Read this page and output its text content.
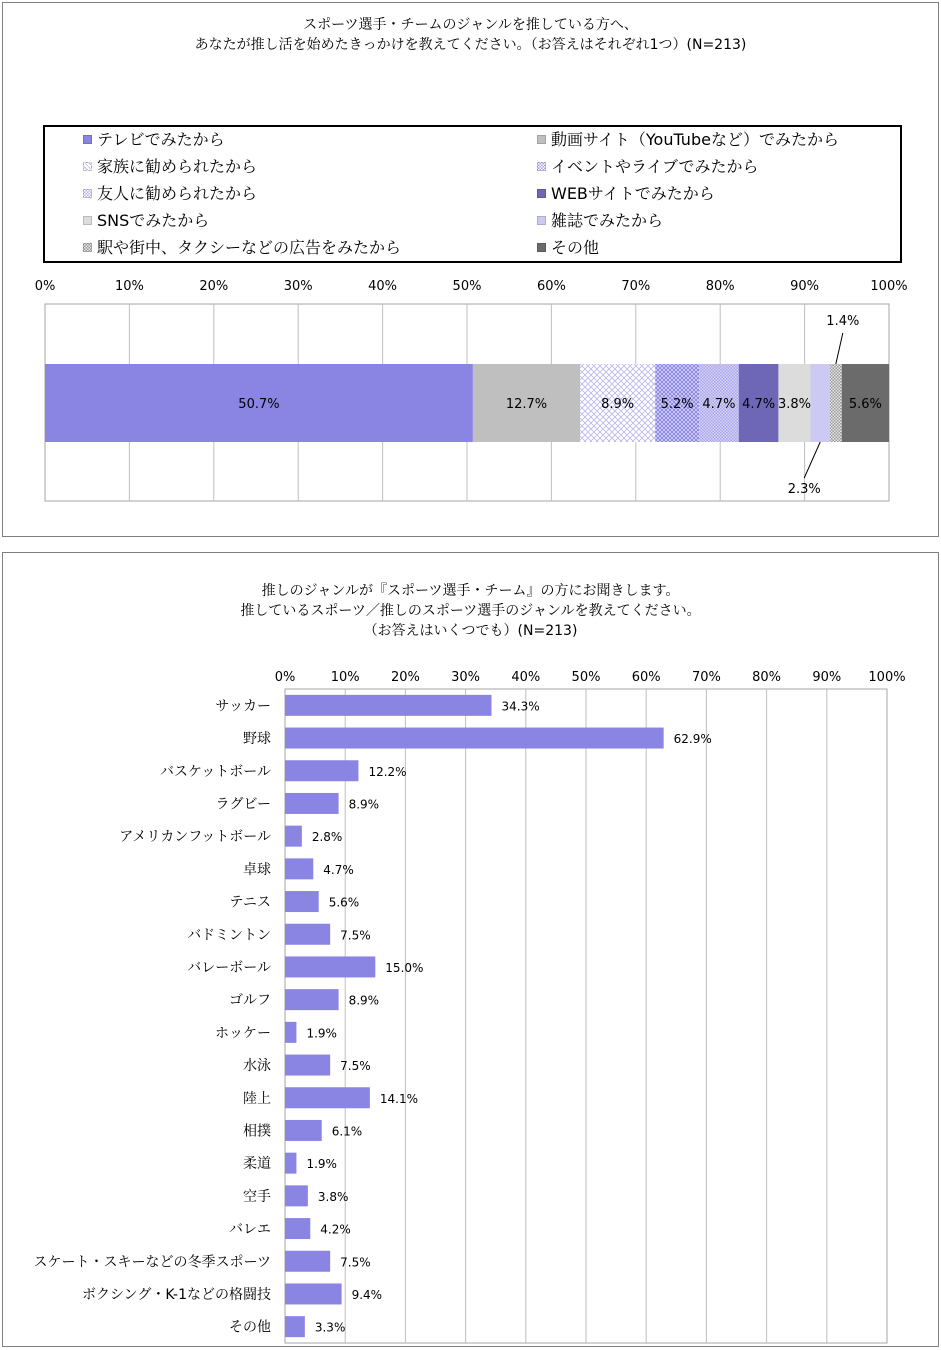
スポーツ選手・チームのジャンルを推している方へ、
あなたが推し活を始めたきっかけを教えてください。（お答えはそれぞれ1つ）(N=213)
テレビでみたから	動画サイト（YouTubeなど）でみたから
家族に勧められたから	イベントやライブでみたから
友人に勧められたから	WEBサイトでみたから
SNSでみたから	雑誌でみたから
駅や街中、タクシーなどの広告をみたから	その他
0%	10%	20%	30%	40%	50%	60%	70%	80%	90%	100%
50.7%	12.7%	8.9% 5.2% 4.7% 4.7% 3.8%
2.3%
1.4%
5.6%
推しのジャンルが『スポーツ選手・チーム』の方にお聞きします。
推しているスポーツ／推しのスポーツ選手のジャンルを教えてください。
（お答えはいくつでも）(N=213)
0%	10% 20% 30% 40% 50% 60% 70% 80% 90% 100%
サッカー	34.3%
野球	62.9%
バスケットボール	12.2%
ラグビー	8.9%
アメリカンフットボール	2.8%
卓球	4.7%
テニス	5.6%
バドミントン	7.5%
バレーボール	15.0%
ゴルフ	8.9%
ホッケー	1.9%
水泳	7.5%
陸上	14.1%
相撲	6.1%
柔道	1.9%
空手	3.8%
バレエ	4.2%
スケート・スキーなどの冬季スポーツ	7.5%
ボクシング・K-1などの格闘技	9.4%
その他	3.3%
